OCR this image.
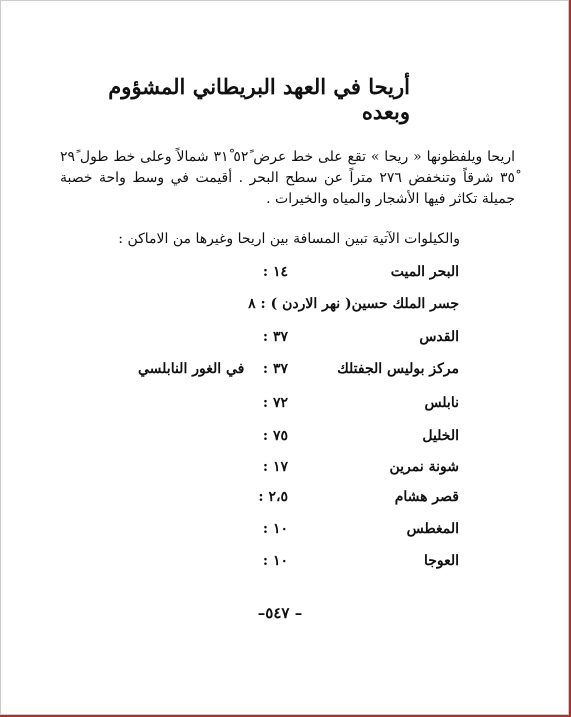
أريحا في العهد البريطاني المشؤوم وبعده

اريحا ويلفظونها « ريحا » تقع على خط عرض ٥٢ً ٣١ْ شمالاً وعلى خط طول ٢٩ً ٣٥ْ شرقاً وتنخفض ٢٧٦ متراً عن سطح البحر . أقيمت في وسط واحة خصبة جميلة تكاثر فيها الأشجار والمياه والخيرات .

والكيلوات الآتية تبين المسافة بين اريحا وغيرها من الاماكن :

البحر الميت
١٤ :
جسر الملك حسين( نهر الاردن ) : ٨
القدس
٣٧ :
مركز بوليس الجفتلك
٣٧ :
في الغور النابلسي
نابلس
٧٢ :
الخليل
٧٥ :
شونة نمرين
١٧ :
قصر هشام
٢،٥ :
المغطس
١٠ :
العوجا
١٠ :
– ٥٤٧–
